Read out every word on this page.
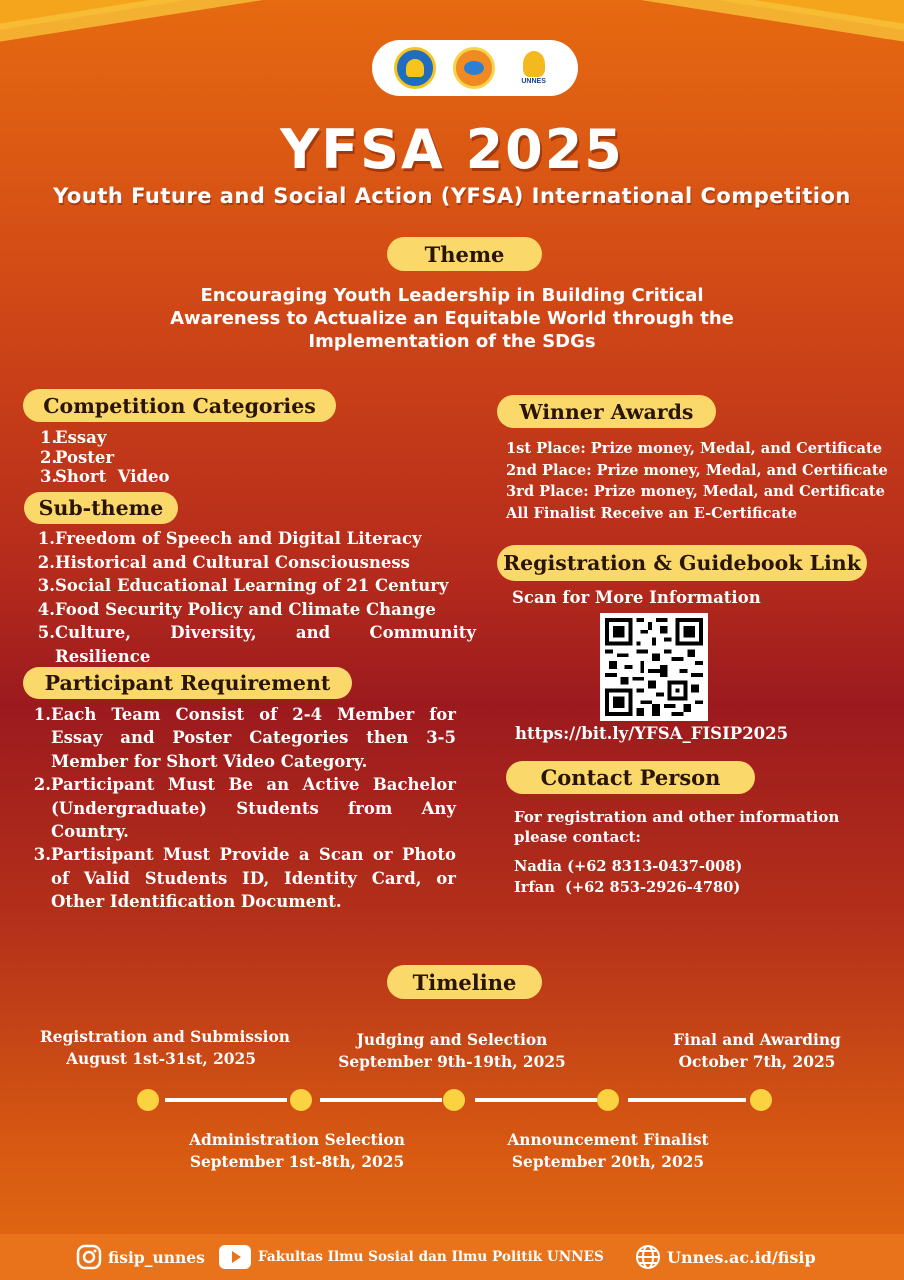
UNNES
YFSA 2025
Youth Future and Social Action (YFSA) International Competition
Theme
Encouraging Youth Leadership in Building Critical Awareness to Actualize an Equitable World through the Implementation of the SDGs
Competition Categories
1.
Essay
2.
Poster
3.
Short  Video
Sub-theme
1. Freedom of Speech and Digital Literacy
2. Historical and Cultural Consciousness
3. Social Educational Learning of 21 Century
4. Food Security Policy and Climate Change
5. Culture, Diversity, and Community Resilience
Participant Requirement
1. Each Team Consist of 2-4 Member for Essay and Poster Categories then 3-5 Member for Short Video Category.
2. Participant Must Be an Active Bachelor (Undergraduate) Students from Any Country.
3. Partisipant Must Provide a Scan or Photo of Valid Students ID, Identity Card, or Other Identification Document.
Winner Awards
1st Place: Prize money, Medal, and Certificate
2nd Place: Prize money, Medal, and Certificate
3rd Place: Prize money, Medal, and Certificate
All Finalist Receive an E-Certificate
Registration & Guidebook Link
Scan for More Information
https://bit.ly/YFSA_FISIP2025
Contact Person
For registration and other information please contact:
Nadia (+62 8313-0437-008)
Irfan  (+62 853-2926-4780)
Timeline
Registration and Submission
August 1st-31st, 2025
Judging and Selection
September 9th-19th, 2025
Final and Awarding
October 7th, 2025
Administration Selection
September 1st-8th, 2025
Announcement Finalist
September 20th, 2025
fisip_unnes	Fakultas Ilmu Sosial dan Ilmu Politik UNNES	Unnes.ac.id/fisip
